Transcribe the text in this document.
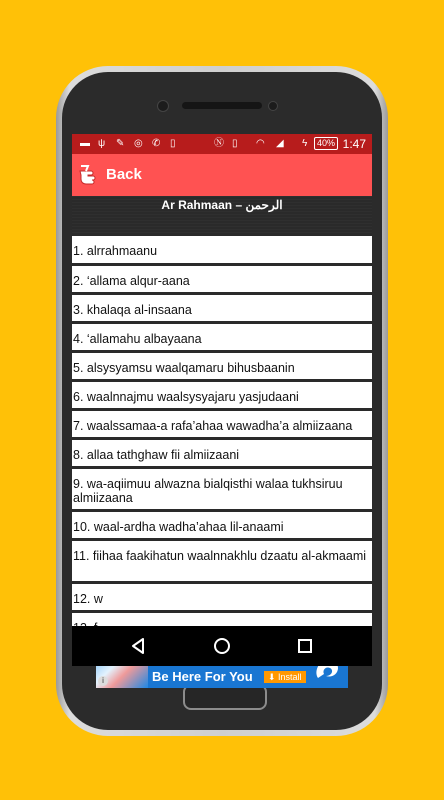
▬ ψ ✎ ◎ ✆ ▯	Ⓝ ▯ ◠ ◢ ϟ	40% 1:47
Back
Ar Rahmaan – الرحمن
1. alrrahmaanu
2. ‘allama alqur-aana
3. khalaqa al-insaana
4. ‘allamahu albayaana
5. alsysyamsu waalqamaru bihusbaanin
6. waalnnajmu waalsysyajaru yasjudaani
7. waalssamaa-a rafa’ahaa wawadha’a almiizaana
8. allaa tathghaw fii almiizaani
9. wa-aqiimuu alwazna bialqisthi walaa tukhsiruu almiizaana
10. waal-ardha wadha’ahaa lil-anaami
11. fiihaa faakihatun waalnnakhlu dzaatu al-akmaami
12. w
i	Be Here For You	⬇ Install
